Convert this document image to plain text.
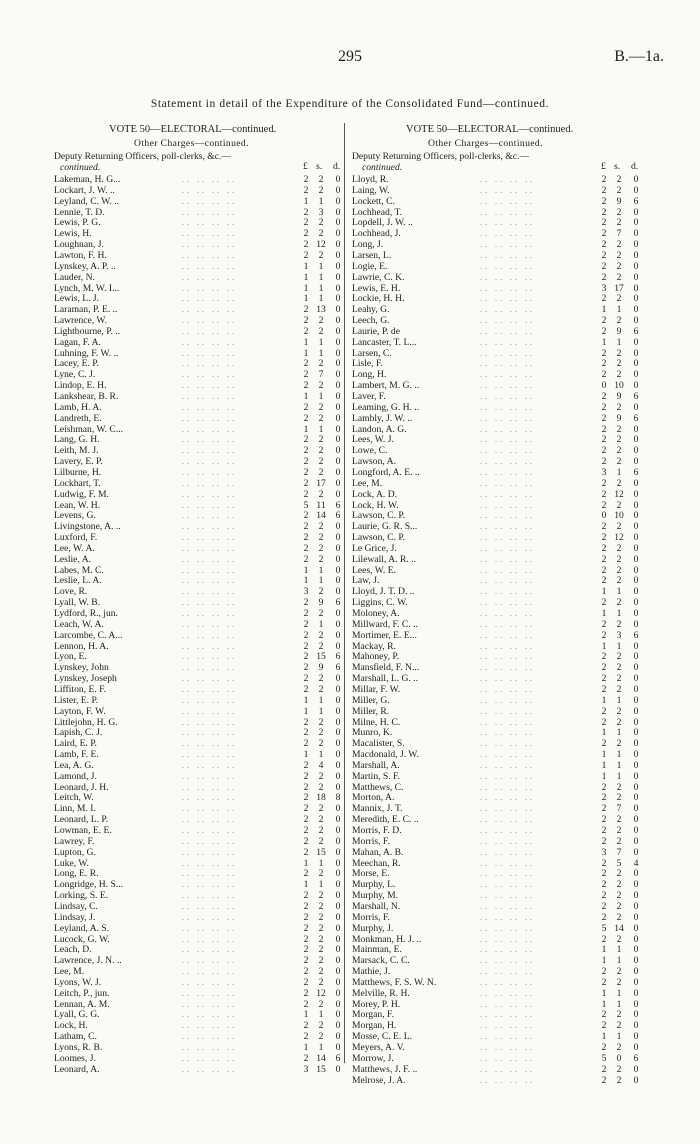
295	B.—1a.
Statement in detail of the Expenditure of the Consolidated Fund—continued.
VOTE 50—ELECTORAL—continued.
Other Charges—continued.
Deputy Returning Officers, poll-clerks, &c.—
continued.	£ s. d.
Lakeman, H. G...	.. .. .. ..	2	2	0
Lockart, J. W. ..	.. .. .. ..	2	2	0
Leyland, C. W. ..	.. .. .. ..	1	1	0
Lennie, T. D.	.. .. .. ..	2	3	0
Lewis, P. G.	.. .. .. ..	2	2	0
Lewis, H.	.. .. .. ..	2	2	0
Loughnan, J.	.. .. .. ..	2 12	0
Lawton, F. H.	.. .. .. ..	2	2	0
Lynskey, A. P. ..	.. .. .. ..	1	1	0
Lauder, N.	.. .. .. ..	1	1	0
Lynch, M. W. I...	.. .. .. ..	1	1	0
Lewis, L. J.	.. .. .. ..	1	1	0
Laraman, P. E. ..	.. .. .. ..	2 13	0
Lawrence, W.	.. .. .. ..	2	2	0
Lightbourne, P. ..	.. .. .. ..	2	2	0
Lagan, F. A.	.. .. .. ..	1	1	0
Luhning, F. W. ..	.. .. .. ..	1	1	0
Lacey, E. P.	.. .. .. ..	2	2	0
Lyne, C. J.	.. .. .. ..	2	7	0
Lindop, E. H.	.. .. .. ..	2	2	0
Lankshear, B. R.	.. .. .. ..	1	1	0
Lamb, H. A.	.. .. .. ..	2	2	0
Landreth, E.	.. .. .. ..	2	2	0
Leishman, W. C...	.. .. .. ..	1	1	0
Lang, G. H.	.. .. .. ..	2	2	0
Leith, M. J.	.. .. .. ..	2	2	0
Lavery, E. P.	.. .. .. ..	2	2	0
Lilburne, H.	.. .. .. ..	2	2	0
Lockhart, T.	.. .. .. ..	2 17	0
Ludwig, F. M.	.. .. .. ..	2	2	0
Lean, W. H.	.. .. .. ..	5 11	6
Levens, G.	.. .. .. ..	2 14	6
Livingstone, A. ..	.. .. .. ..	2	2	0
Luxford, F.	.. .. .. ..	2	2	0
Lee, W. A.	.. .. .. ..	2	2	0
Leslie, A.	.. .. .. ..	2	2	0
Labes, M. C.	.. .. .. ..	1	1	0
Leslie, L. A.	.. .. .. ..	1	1	0
Love, R.	.. .. .. ..	3	2	0
Lyall, W. B.	.. .. .. ..	2	9	6
Lydford, R., jun.	.. .. .. ..	2	2	0
Leach, W. A.	.. .. .. ..	2	1	0
Larcombe, C. A...	.. .. .. ..	2	2	0
Lennon, H. A.	.. .. .. ..	2	2	0
Lyon, E.	.. .. .. ..	2 15	6
Lynskey, John	.. .. .. ..	2	9	6
Lynskey, Joseph	.. .. .. ..	2	2	0
Liffiton, E. F.	.. .. .. ..	2	2	0
Lister, E. P.	.. .. .. ..	1	1	0
Layton, F. W.	.. .. .. ..	1	1	0
Littlejohn, H. G.	.. .. .. ..	2	2	0
Lapish, C. J.	.. .. .. ..	2	2	0
Laird, E. P.	.. .. .. ..	2	2	0
Lamb, F. E.	.. .. .. ..	1	1	0
Lea, A. G.	.. .. .. ..	2	4	0
Lamond, J.	.. .. .. ..	2	2	0
Leonard, J. H.	.. .. .. ..	2	2	0
Leitch, W.	.. .. .. ..	2 18	8
Linn, M. I.	.. .. .. ..	2	2	0
Leonard, L. P.	.. .. .. ..	2	2	0
Lowman, E. E.	.. .. .. ..	2	2	0
Lawrey, F.	.. .. .. ..	2	2	0
Lupton, G.	.. .. .. ..	2 15	0
Luke, W.	.. .. .. ..	1	1	0
Long, E. R.	.. .. .. ..	2	2	0
Longridge, H. S...	.. .. .. ..	1	1	0
Lorking, S. E.	.. .. .. ..	2	2	0
Lindsay, C.	.. .. .. ..	2	2	0
Lindsay, J.	.. .. .. ..	2	2	0
Leyland, A. S.	.. .. .. ..	2	2	0
Lucock, G. W.	.. .. .. ..	2	2	0
Leach, D.	.. .. .. ..	2	2	0
Lawrence, J. N. ..	.. .. .. ..	2	2	0
Lee, M.	.. .. .. ..	2	2	0
Lyons, W. J.	.. .. .. ..	2	2	0
Leitch, P., jun.	.. .. .. ..	2 12	0
Lennan, A. M.	.. .. .. ..	2	2	0
Lyall, G. G.	.. .. .. ..	1	1	0
Lock, H.	.. .. .. ..	2	2	0
Latham, C.	.. .. .. ..	2	2	0
Lyons, R. B.	.. .. .. ..	1	1	0
Loomes, J.	.. .. .. ..	2 14	6
Leonard, A.	.. .. .. ..	3 15	0
VOTE 50—ELECTORAL—continued.
Other Charges—continued.
Deputy Returning Officers, poll-clerks, &c.—
continued.	£ s. d.
Lloyd, R.	.. .. .. ..	2	2	0
Laing, W.	.. .. .. ..	2	2	0
Lockett, C.	.. .. .. ..	2	9	6
Lochhead, T.	.. .. .. ..	2	2	0
Lopdell, J. W. ..	.. .. .. ..	2	2	0
Lochhead, J.	.. .. .. ..	2	7	0
Long, J.	.. .. .. ..	2	2	0
Larsen, L.	.. .. .. ..	2	2	0
Logie, E.	.. .. .. ..	2	2	0
Lawrie, C. K.	.. .. .. ..	2	2	0
Lewis, E. H.	.. .. .. ..	3 17	0
Lockie, H. H.	.. .. .. ..	2	2	0
Leahy, G.	.. .. .. ..	1	1	0
Leech, G.	.. .. .. ..	2	2	0
Laurie, P. de	.. .. .. ..	2	9	6
Lancaster, T. L...	.. .. .. ..	1	1	0
Larsen, C.	.. .. .. ..	2	2	0
Lisle, F.	.. .. .. ..	2	2	0
Long, H.	.. .. .. ..	2	2	0
Lambert, M. G. ..	.. .. .. ..	0 10	0
Laver, F.	.. .. .. ..	2	9	6
Leaming, G. H. ..	.. .. .. ..	2	2	0
Lambly, J. W. ..	.. .. .. ..	2	9	6
Landon, A. G.	.. .. .. ..	2	2	0
Lees, W. J.	.. .. .. ..	2	2	0
Lowe, C.	.. .. .. ..	2	2	0
Lawson, A.	.. .. .. ..	2	2	0
Longford, A. E. ..	.. .. .. ..	3	1	6
Lee, M.	.. .. .. ..	2	2	0
Lock, A. D.	.. .. .. ..	2 12	0
Lock, H. W.	.. .. .. ..	2	2	0
Lawson, C. P.	.. .. .. ..	0 10	0
Laurie, G. R. S...	.. .. .. ..	2	2	0
Lawson, C. P.	.. .. .. ..	2 12	0
Le Grice, J.	.. .. .. ..	2	2	0
Lilewall, A. R. ..	.. .. .. ..	2	2	0
Lees, W. E.	.. .. .. ..	2	2	0
Law, J.	.. .. .. ..	2	2	0
Lloyd, J. T. D. ..	.. .. .. ..	1	1	0
Liggins, C. W.	.. .. .. ..	2	2	0
Moloney, A.	.. .. .. ..	1	1	0
Millward, F. C. ..	.. .. .. ..	2	2	0
Mortimer, E. E...	.. .. .. ..	2	3	6
Mackay, R.	.. .. .. ..	1	1	0
Mahoney, P.	.. .. .. ..	2	2	0
Mansfield, F. N...	.. .. .. ..	2	2	0
Marshall, L. G. ..	.. .. .. ..	2	2	0
Millar, F. W.	.. .. .. ..	2	2	0
Miller, G.	.. .. .. ..	1	1	0
Miller, R.	.. .. .. ..	2	2	0
Milne, H. C.	.. .. .. ..	2	2	0
Munro, K.	.. .. .. ..	1	1	0
Macalister, S.	.. .. .. ..	2	2	0
Macdonald, J. W.	.. .. .. ..	1	1	0
Marshall, A.	.. .. .. ..	1	1	0
Martin, S. F.	.. .. .. ..	1	1	0
Matthews, C.	.. .. .. ..	2	2	0
Morton, A.	.. .. .. ..	2	2	0
Mannix, J. T.	.. .. .. ..	2	7	0
Meredith, E. C. ..	.. .. .. ..	2	2	0
Morris, F. D.	.. .. .. ..	2	2	0
Morris, F.	.. .. .. ..	2	2	0
Mahan, A. B.	.. .. .. ..	3	7	0
Meechan, R.	.. .. .. ..	2	5	4
Morse, E.	.. .. .. ..	2	2	0
Murphy, L.	.. .. .. ..	2	2	0
Murphy, M.	.. .. .. ..	2	2	0
Marshall, N.	.. .. .. ..	2	2	0
Morris, F.	.. .. .. ..	2	2	0
Murphy, J.	.. .. .. ..	5 14	0
Monkman, H. J. ..	.. .. .. ..	2	2	0
Mainman, E.	.. .. .. ..	1	1	0
Marsack, C. C.	.. .. .. ..	1	1	0
Mathie, J.	.. .. .. ..	2	2	0
Matthews, F. S. W. N.	.. .. .. ..	2	2	0
Melville, R. H.	.. .. .. ..	1	1	0
Morey, P. H.	.. .. .. ..	1	1	0
Morgan, F.	.. .. .. ..	2	2	0
Morgan, H.	.. .. .. ..	2	2	0
Mosse, C. E. L.	.. .. .. ..	1	1	0
Meyers, A. V.	.. .. .. ..	2	2	0
Morrow, J.	.. .. .. ..	5	0	6
Matthews, J. F. ..	.. .. .. ..	2	2	0
Melrose, J. A.	.. .. .. ..	2	2	0
